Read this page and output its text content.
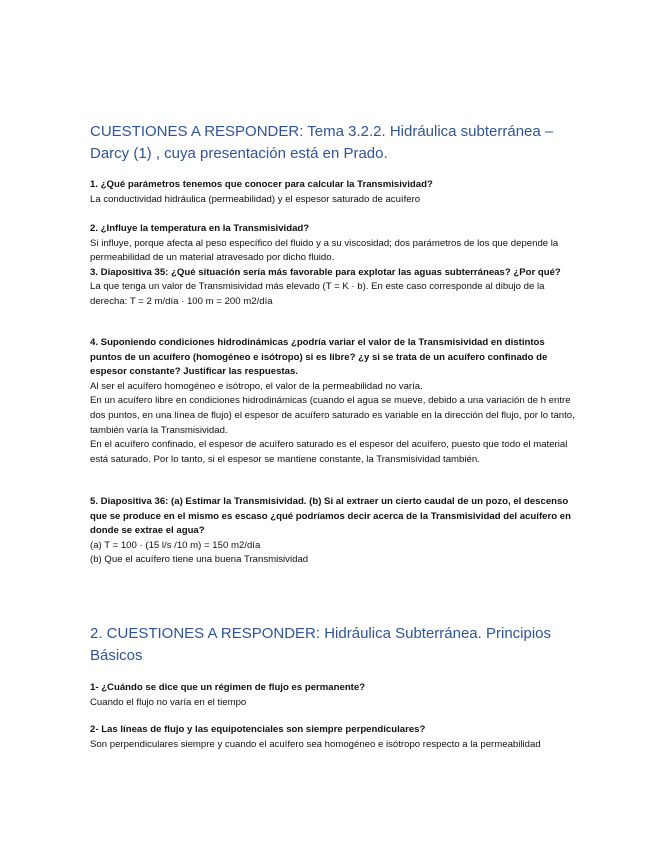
CUESTIONES A RESPONDER: Tema 3.2.2. Hidráulica subterránea – Darcy (1) , cuya presentación está en Prado.

1. ¿Qué parámetros tenemos que conocer para calcular la Transmisividad?

La conductividad hidráulica (permeabilidad) y el espesor saturado de acuífero

2. ¿Influye la temperatura en la Transmisividad?

Si influye, porque afecta al peso específico del fluido y a su viscosidad; dos parámetros de los que depende la permeabilidad de un material atravesado por dicho fluido.

3. Diapositiva 35: ¿Qué situación sería más favorable para explotar las aguas subterráneas? ¿Por qué?

La que tenga un valor de Transmisividad más elevado (T = K · b). En este caso corresponde al dibujo de la derecha: T = 2 m/día · 100 m = 200 m2/día

4. Suponiendo condiciones hidrodinámicas ¿podría variar el valor de la Transmisividad en distintos puntos de un acuífero (homogéneo e isótropo) si es libre? ¿y si se trata de un acuífero confinado de espesor constante? Justificar las respuestas.

Al ser el acuífero homogéneo e isótropo, el valor de la permeabilidad no varía.

En un acuífero libre en condiciones hidrodinámicas (cuando el agua se mueve, debido a una variación de h entre dos puntos, en una línea de flujo) el espesor de acuífero saturado es variable en la dirección del flujo, por lo tanto, también varía la Transmisividad.

En el acuífero confinado, el espesor de acuífero saturado es el espesor del acuífero, puesto que todo el material está saturado. Por lo tanto, si el espesor se mantiene constante, la Transmisividad también.

5. Diapositiva 36: (a) Estimar la Transmisividad. (b) Si al extraer un cierto caudal de un pozo, el descenso que se produce en el mismo es escaso ¿qué podríamos decir acerca de la Transmisividad del acuífero en donde se extrae el agua?

(a) T = 100 · (15 l/s /10 m) = 150 m2/día

(b) Que el acuífero tiene una buena Transmisividad

2. CUESTIONES A RESPONDER: Hidráulica Subterránea. Principios Básicos

1- ¿Cuándo se dice que un régimen de flujo es permanente?

Cuando el flujo no varía en el tiempo

2- Las líneas de flujo y las equipotenciales son siempre perpendiculares?

Son perpendiculares siempre y cuando el acuífero sea homogéneo e isótropo respecto a la permeabilidad
